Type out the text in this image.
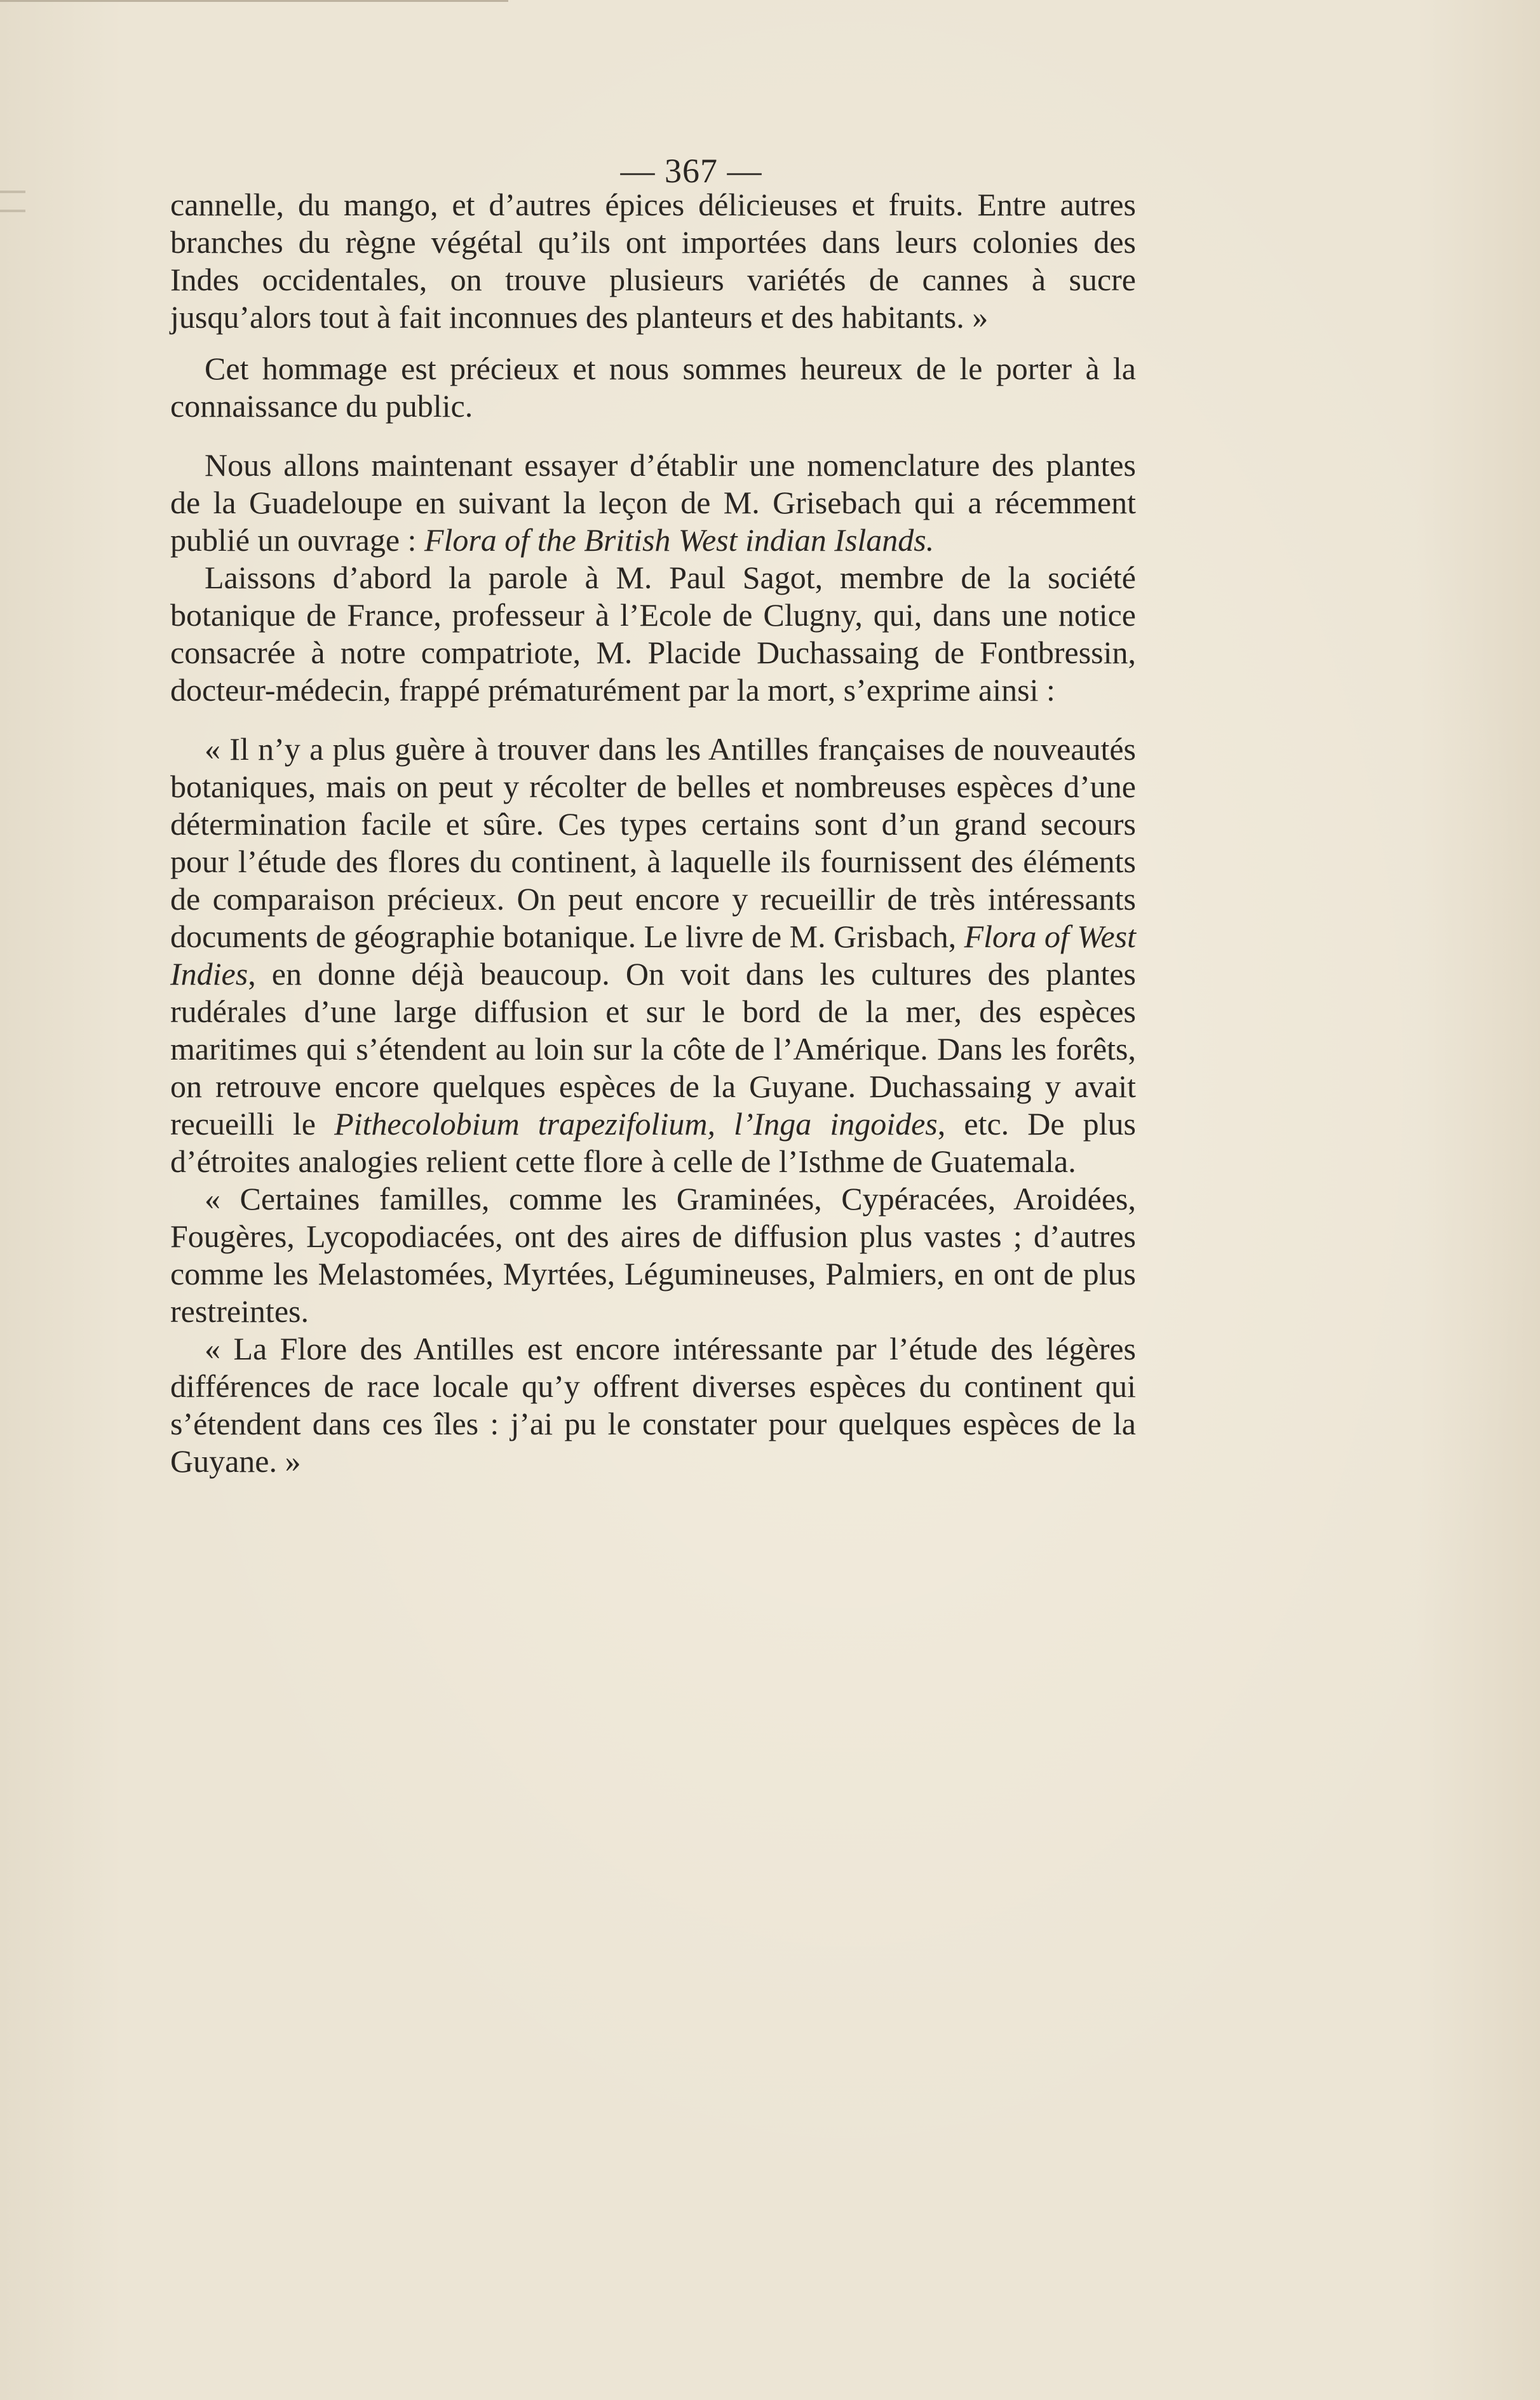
— 367 —

cannelle, du mango, et d’autres épices délicieuses et fruits. Entre autres branches du règne végétal qu’ils ont importées dans leurs colonies des Indes occidentales, on trouve plusieurs variétés de cannes à sucre jusqu’alors tout à fait inconnues des planteurs et des habitants. »

Cet hommage est précieux et nous sommes heureux de le porter à la connaissance du public.

Nous allons maintenant essayer d’établir une nomenclature des plantes de la Guadeloupe en suivant la leçon de M. Grisebach qui a récemment publié un ouvrage : Flora of the British West indian Islands.

Laissons d’abord la parole à M. Paul Sagot, membre de la société botanique de France, professeur à l’Ecole de Clugny, qui, dans une notice consacrée à notre compatriote, M. Placide Duchassaing de Fontbressin, docteur-médecin, frappé prématurément par la mort, s’exprime ainsi :

« Il n’y a plus guère à trouver dans les Antilles françaises de nouveautés botaniques, mais on peut y récolter de belles et nombreuses espèces d’une détermination facile et sûre. Ces types certains sont d’un grand secours pour l’étude des flores du continent, à laquelle ils fournissent des éléments de comparaison précieux. On peut encore y recueillir de très intéressants documents de géographie botanique. Le livre de M. Grisbach, Flora of West Indies, en donne déjà beaucoup. On voit dans les cultures des plantes rudérales d’une large diffusion et sur le bord de la mer, des espèces maritimes qui s’étendent au loin sur la côte de l’Amérique. Dans les forêts, on retrouve encore quelques espèces de la Guyane. Duchassaing y avait recueilli le Pithecolobium trapezifolium, l’Inga ingoides, etc. De plus d’étroites analogies relient cette flore à celle de l’Isthme de Guatemala.

« Certaines familles, comme les Graminées, Cypéracées, Aroidées, Fougères, Lycopodiacées, ont des aires de diffusion plus vastes ; d’autres comme les Melastomées, Myrtées, Légumineuses, Palmiers, en ont de plus restreintes.

« La Flore des Antilles est encore intéressante par l’étude des légères différences de race locale qu’y offrent diverses espèces du continent qui s’étendent dans ces îles : j’ai pu le constater pour quelques espèces de la Guyane. »
